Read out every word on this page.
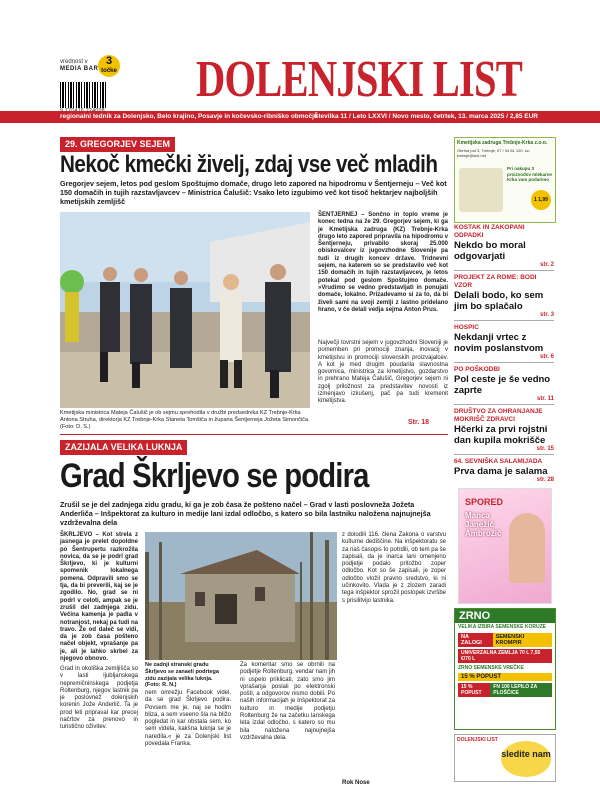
vrednost v
MEDIA BAR
3
točke DOLENJSKI LIST
regionalni tednik za Dolenjsko, Belo krajino, Posavje in kočevsko-ribniško območje
Številka 11 / Leto LXXVI / Novo mesto, četrtek, 13. marca 2025 / 2,85 EUR
29. GREGORJEV SEJEM
Nekoč kmečki živelj, zdaj vse več mladih
Gregorjev sejem, letos pod geslom Spoštujmo domače, drugo leto zapored na hipodromu v Šentjerneju – Več kot 150 domačih in tujih razstavljavcev – Ministrica Čalušič: Vsako leto izgubimo več kot tisoč hektarjev najboljših kmetijskih zemljišč
Kmetijska ministrica Mateja Čalušič je ob sejmu sprehodila v družbi predsednika KZ Trebnje-Krka Antona Struha, direktorja KZ Trebnje-Krka Staneta Tomšiča in župana Šentjerneja Jožeta Simončiča. (Foto: D. S.)
ŠENTJERNEJ – Sončno in toplo vreme je konec tedna na že 29. Gregorjev sejem, ki ga je Kmetijska zadruga (KZ) Trebnje-Krka drugo leto zapored pripravila na hipodromu v Šentjerneju, privabilo skoraj 25.000 obiskovalcev iz jugovzhodne Slovenije pa tudi iz drugih koncev države. Tridnevni sejem, na katerem so se predstavilo več kot 150 domačih in tujih razstavljavcev, je letos potekal pod geslom Spoštujmo domače. »Vrudimo se vedno predstavljati in ponujati domače, lokalno. Prizadevamo si za to, da bi živeli sami na svoji zemlji z lastno pridelano hrano, v če delali vedja sejma Anton Prus.
Največji tovrstni sejem v jugovzhodni Sloveniji je pomemben pri promociji znanja, inovacij v kmetijstvu in promociji slovenskih proizvajalcev. A kot je med drugim poudarila slavnostna govornica, ministrica za kmetijstvo, gozdarstvo in prehrano Mateja Čalušič, Gregorjev sejem ni zgolj priložnost za predstavitev novosti iz izmenjavo izkušenj, pač pa tudi kremenit kmetijstva.
Str. 18
Kmetijska zadruga Trebnje-Krka z.o.o.
Obrtna pot 3, Trebnje, 07 / 34 81 100, kz-trebnje@siol.net
Pri nakupu 3 proizvodov mlekarne Krka vam podarimo
1 1,99
KOSTAK IN ZAKOPANI ODPADKI
Nekdo bo moral odgovarjati
str. 2
PROJEKT ZA ROME: BODI VZOR
Delali bodo, ko sem jim bo splačalo
str. 3
HOSPIC
Nekdanji vrtec z novim poslanstvom
str. 6
PO POŠKODBI
Pol ceste je še vedno zaprte
str. 11
DRUŠTVO ZA OHRANJANJE MOKRIŠČ ZDRAVCI
Hčerki za prvi rojstni dan kupila mokrišče
str. 15
64. SEVNIŠKA SALAMIJADA
Prva dama je salama
str. 28
ZAZIJALA VELIKA LUKNJA
Grad Škrljevo se podira
Zrušil se je del zadnjega zidu gradu, ki ga je zob časa že pošteno načel – Grad v lasti poslovneža Jožeta Anderliča – Inšpektorat za kulturo in medije lani izdal odločbo, s katero so bila lastniku naložena najnujnejša vzdrževalna dela
ŠKRLJEVO – Kot strela z jasnega je prelet dopoldne po Šentrupertu razkrožila novica, da se je podrl grad Škrljevo, ki je kulturni spomenik lokalnega pomena. Odpravili smo se tja, da bi preverili, kaj se je zgodilo. No, grad se ni podrl v celoti, ampak se je zrušil del zadnjega zidu. Večina kamenja je padla v notranjost, nekaj pa tudi na travo. Že od daleč se vidi, da je zob časa pošteno načel objekt, vprašanje pa je, ali je lahko skrbel za njegovo obnovo.
Grad in okoliška zemljišča so v lasti ljubljanskega nepremičninskega podjetja Roltenburg, njegov lastnik pa je poslovnež dolenjskih korenin Jože Anderlič. Ta je prod leti pripraval kar precej načrtov za prenovo in turistično oživitev.
Ne zadnji stranski gradu Škrljevo se zanaeli podrtega zidu zazijala velika luknja. (Foto: R. N.)
nem omrežju Facebook videl, da se grad Škrljevo podira. Povsem me je, naj se hodim bliza, a sem vseeno šla na bližo pogledat in kar obstala sem, ko sem videla, kakšna luknja se je naredila.« je za Dolenjski list povedala Franka.
Za komentar smo se obrnili na podjetje Roltenburg, vendar nam jih ni uspelo priklicati, zato smo jim vprašanja poslali po elektronski pošti, a odgovorov nismo dobili. Po naših informacijah je Inšpektorat za kulturo in medije podjetju Roltenburg že na začetku lanskega leta izdal odločbo, s katero so mu bila naložena najnujnejša vzdrževalna dela.
z dolodili 116. člena Zakona o varstvu kulturne dediščine. Na inšpektoratu se za naš časopis to potrdili, ob tem pa še zapisali, da je inarca lani omenjeno podjetje podalo pritožbo zoper odločbo. Kot so še zapisali, je zoper odločbo vložil pravno sredstvo, ki ni učinkovito. Vlada je z zlozem zaradi tega inšpektor sprožil postopek izvršbe s prisilitvijo lastnika.
Rok Nose
SPORED
Manca Janežič Ambrožič
ZRNO
VELIKA IZBIRA SEMENSKE KORUZE
NA ZALOGI
SEMENSKI KROMPIR
UNIVERZALNA ZEMLJA 70 L 7,55 €/70 L
ZRNO SEMENSKE VREČKE
15 % POPUST
15 % POPUST
FN 100 LEPILO ZA PLOŠČICE
DOLENJSKI LIST
sledite nam
